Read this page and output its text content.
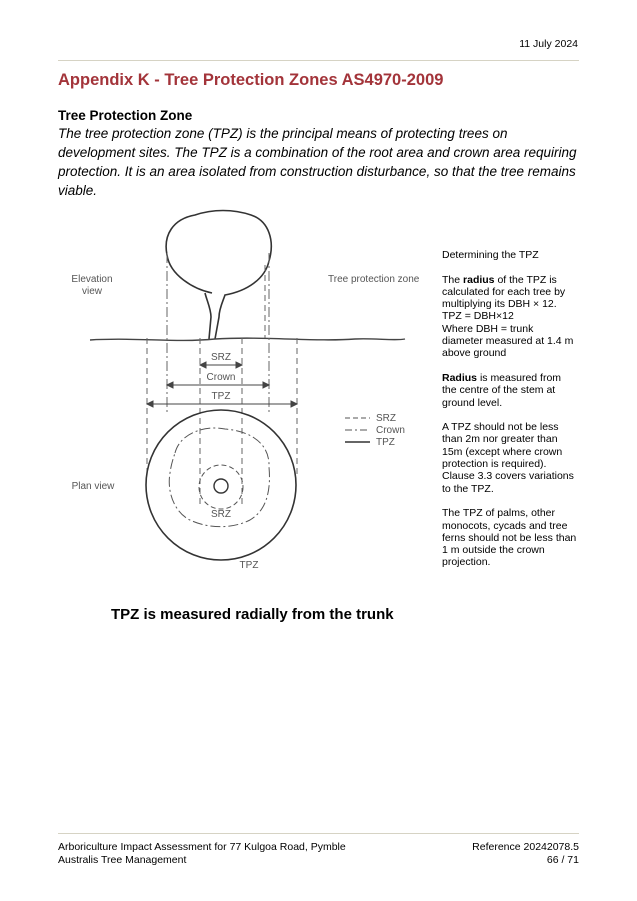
11 July 2024
Appendix K - Tree Protection Zones AS4970-2009
Tree Protection Zone

The tree protection zone (TPZ) is the principal means of protecting trees on development sites. The TPZ is a combination of the root area and crown area requiring protection. It is an area isolated from construction disturbance, so that the tree remains viable.

SRZ
Crown
TPZ
SRZ
TPZ
Elevation
view
Plan view
Tree protection zone
SRZ
Crown
TPZ

Determining the TPZ

The radius of the TPZ is
calculated for each tree by
multiplying its DBH × 12.
TPZ = DBH×12
Where DBH = trunk
diameter measured at 1.4 m
above ground

Radius is measured from
the centre of the stem at
ground level.

A TPZ should not be less
than 2m nor greater than
15m (except where crown
protection is required).
Clause 3.3 covers variations
to the TPZ.

The TPZ of palms, other
monocots, cycads and tree
ferns should not be less than
1 m outside the crown
projection.

TPZ is measured radially from the trunk
Arboriculture Impact Assessment for 77 Kulgoa Road, Pymble
Australis Tree Management
Reference 20242078.5
66 / 71
